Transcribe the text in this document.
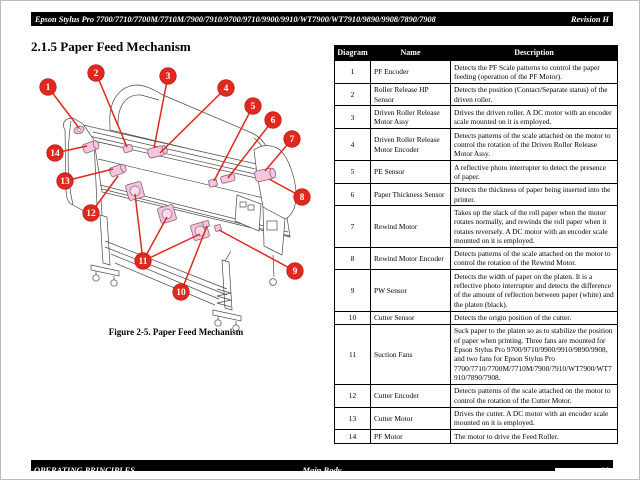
Epson Stylus Pro 7700/7710/7700M/7710M/7900/7910/9700/9710/9900/9910/WT7900/WT7910/9890/9908/7890/7908	Revision H
2.1.5 Paper Feed Mechanism
1
2	3
4
5
6
7
8
9
10
11
12
13
14
Figure 2-5. Paper Feed Mechanism
Diagram	Name	Description
1	PF Encoder	Detects the PF Scale patterns to control the paper feeding (operation of the PF Motor).
2	Roller Release HP Sensor	Detects the position (Contact/Separate status) of the driven roller.
3	Driven Roller Release Motor Assy	Drives the driven roller. A DC motor with an encoder scale mounted on it is employed.
4	Driven Roller Release Motor Encoder	Detects patterns of the scale attached on the motor to control the rotation of the Driven Roller Release Motor Assy.
5	PE Sensor	A reflective photo interrupter to detect the presence of paper.
6	Paper Thickness Sensor	Detects the thickness of paper being inserted into the printer.
7	Rewind Motor	Takes up the slack of the roll paper when the motor rotates normally, and rewinds the roll paper when it rotates reversely. A DC motor with an encoder scale mounted on it is employed.
8	Rewind Motor Encoder	Detects patterns of the scale attached on the motor to control the rotation of the Rewind Motor.
9	PW Sensor	Detects the width of paper on the platen. It is a reflective photo interrupter and detects the difference of the amount of reflection between paper (white) and the platen (black).
10	Cutter Sensor	Detects the origin position of the cutter.
11	Suction Fans	Suck paper to the platen so as to stabilize the position of paper when printing. Three fans are mounted for Epson Stylus Pro 9700/9710/9900/9910/9890/9908, and two fans for Epson Stylus Pro 7700/7710/7700M/7710M/7900/7910/WT7900/WT7910/7890/7908.
12	Cutter Encoder	Detects patterns of the scale attached on the motor to control the rotation of the Cutter Motor.
13	Cutter Motor	Drives the cutter. A DC motor with an encoder scale mounted on it is employed.
14	PF Motor	The motor to drive the Feed Roller.
OPERATING PRINCIPLES	Main Body	98
